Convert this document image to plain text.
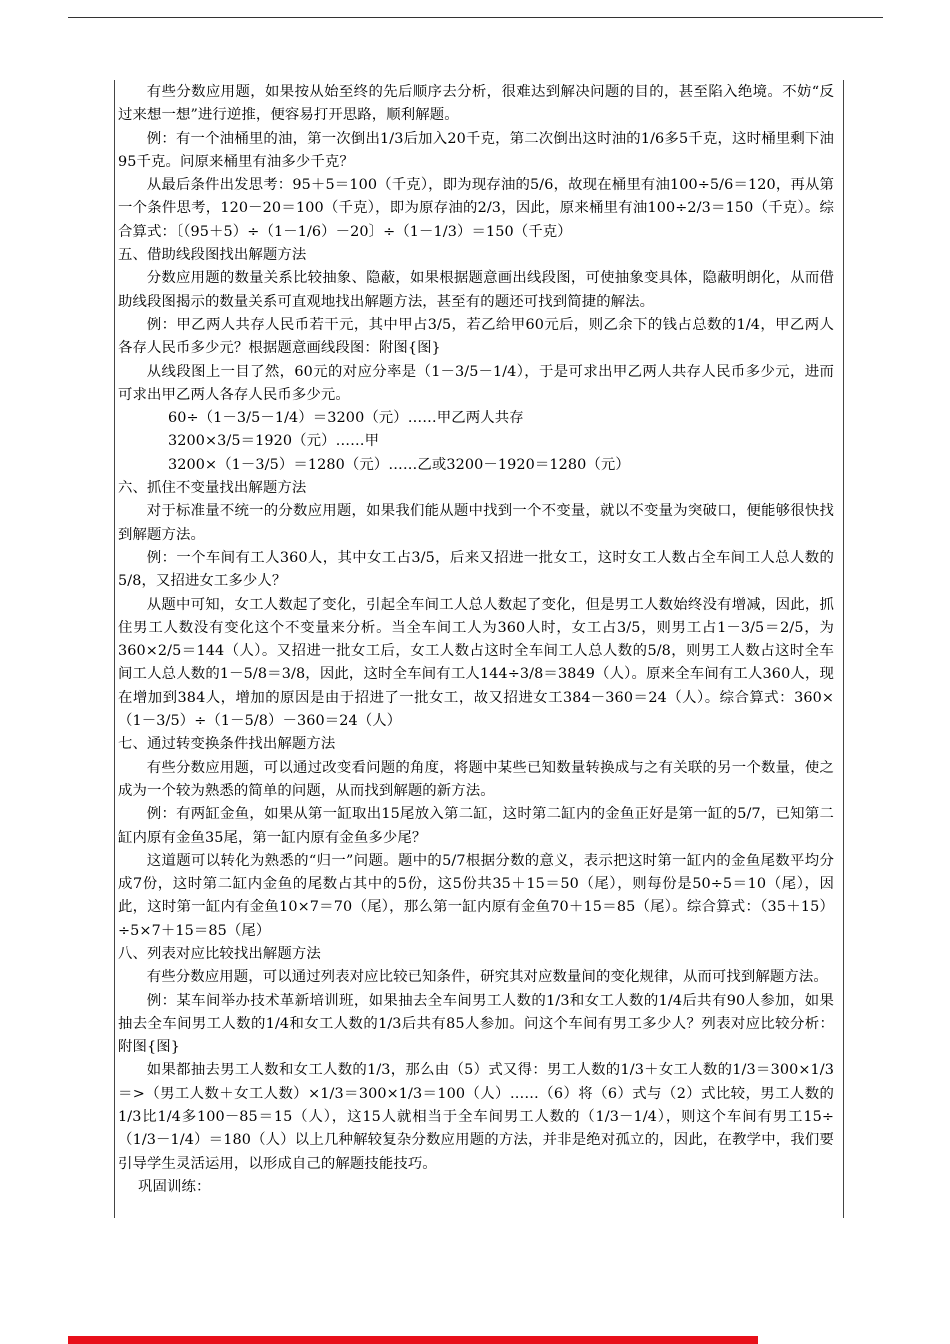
有些分数应用题，如果按从始至终的先后顺序去分析，很难达到解决问题的目的，甚至陷入绝境。不妨“反过来想一想”进行逆推，便容易打开思路，顺利解题。

例：有一个油桶里的油，第一次倒出1/3后加入20千克，第二次倒出这时油的1/6多5千克，这时桶里剩下油95千克。问原来桶里有油多少千克？

从最后条件出发思考：95＋5＝100（千克），即为现存油的5/6，故现在桶里有油100÷5/6＝120，再从第一个条件思考，120－20＝100（千克），即为原存油的2/3，因此，原来桶里有油100÷2/3＝150（千克）。综合算式：〔（95＋5）÷（1－1/6）－20〕÷（1－1/3）＝150（千克）

五、借助线段图找出解题方法

分数应用题的数量关系比较抽象、隐蔽，如果根据题意画出线段图，可使抽象变具体，隐蔽明朗化，从而借助线段图揭示的数量关系可直观地找出解题方法，甚至有的题还可找到简捷的解法。

例：甲乙两人共存人民币若干元，其中甲占3/5，若乙给甲60元后，则乙余下的钱占总数的1/4，甲乙两人各存人民币多少元？根据题意画线段图：附图{图}

从线段图上一目了然，60元的对应分率是（1－3/5－1/4），于是可求出甲乙两人共存人民币多少元，进而可求出甲乙两人各存人民币多少元。

60÷（1－3/5－1/4）＝3200（元）……甲乙两人共存

3200×3/5＝1920（元）……甲

3200×（1－3/5）＝1280（元）……乙或3200－1920＝1280（元）

六、抓住不变量找出解题方法

对于标准量不统一的分数应用题，如果我们能从题中找到一个不变量，就以不变量为突破口，便能够很快找到解题方法。

例：一个车间有工人360人，其中女工占3/5，后来又招进一批女工，这时女工人数占全车间工人总人数的5/8，又招进女工多少人？

从题中可知，女工人数起了变化，引起全车间工人总人数起了变化，但是男工人数始终没有增减，因此，抓住男工人数没有变化这个不变量来分析。当全车间工人为360人时，女工占3/5，则男工占1－3/5＝2/5，为360×2/5＝144（人）。又招进一批女工后，女工人数占这时全车间工人总人数的5/8，则男工人数占这时全车间工人总人数的1－5/8＝3/8，因此，这时全车间有工人144÷3/8＝3849（人）。原来全车间有工人360人，现在增加到384人，增加的原因是由于招进了一批女工，故又招进女工384－360＝24（人）。综合算式：360×（1－3/5）÷（1－5/8）－360＝24（人）

七、通过转变换条件找出解题方法

有些分数应用题，可以通过改变看问题的角度，将题中某些已知数量转换成与之有关联的另一个数量，使之成为一个较为熟悉的简单的问题，从而找到解题的新方法。

例：有两缸金鱼，如果从第一缸取出15尾放入第二缸，这时第二缸内的金鱼正好是第一缸的5/7，已知第二缸内原有金鱼35尾，第一缸内原有金鱼多少尾？

这道题可以转化为熟悉的“归一”问题。题中的5/7根据分数的意义，表示把这时第一缸内的金鱼尾数平均分成7份，这时第二缸内金鱼的尾数占其中的5份，这5份共35＋15＝50（尾），则每份是50÷5＝10（尾），因此，这时第一缸内有金鱼10×7＝70（尾），那么第一缸内原有金鱼70＋15＝85（尾）。综合算式：（35＋15）÷5×7＋15＝85（尾）

八、列表对应比较找出解题方法

有些分数应用题，可以通过列表对应比较已知条件，研究其对应数量间的变化规律，从而可找到解题方法。

例：某车间举办技术革新培训班，如果抽去全车间男工人数的1/3和女工人数的1/4后共有90人参加，如果抽去全车间男工人数的1/4和女工人数的1/3后共有85人参加。问这个车间有男工多少人？列表对应比较分析：附图{图}

如果都抽去男工人数和女工人数的1/3，那么由（5）式又得：男工人数的1/3＋女工人数的1/3＝300×1/3＝>（男工人数＋女工人数）×1/3＝300×1/3＝100（人）……（6）将（6）式与（2）式比较，男工人数的1/3比1/4多100－85＝15（人），这15人就相当于全车间男工人数的（1/3－1/4），则这个车间有男工15÷（1/3－1/4）＝180（人）以上几种解较复杂分数应用题的方法，并非是绝对孤立的，因此，在教学中，我们要引导学生灵活运用，以形成自己的解题技能技巧。

巩固训练：
